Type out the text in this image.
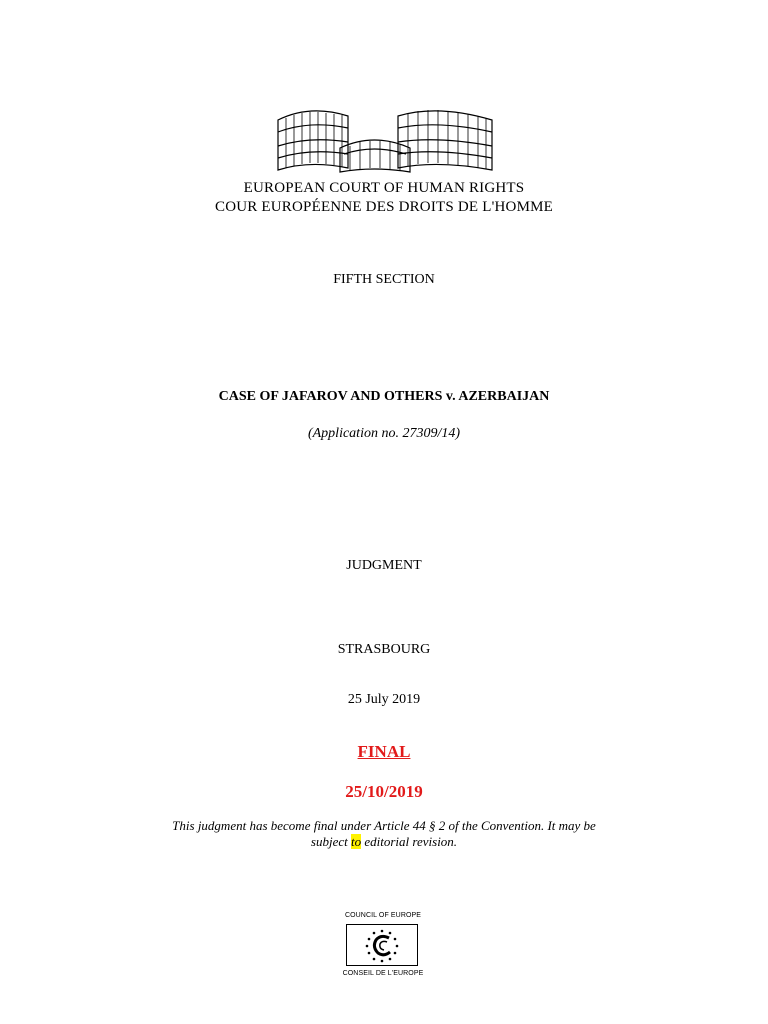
EUROPEAN COURT OF HUMAN RIGHTS
COUR EUROPÉENNE DES DROITS DE L'HOMME
FIFTH SECTION
CASE OF JAFAROV AND OTHERS v. AZERBAIJAN
(Application no. 27309/14)
JUDGMENT
STRASBOURG
25 July 2019
FINAL
25/10/2019
This judgment has become final under Article 44 § 2 of the Convention. It may be
subject to editorial revision.
COUNCIL OF EUROPE
CONSEIL DE L'EUROPE
